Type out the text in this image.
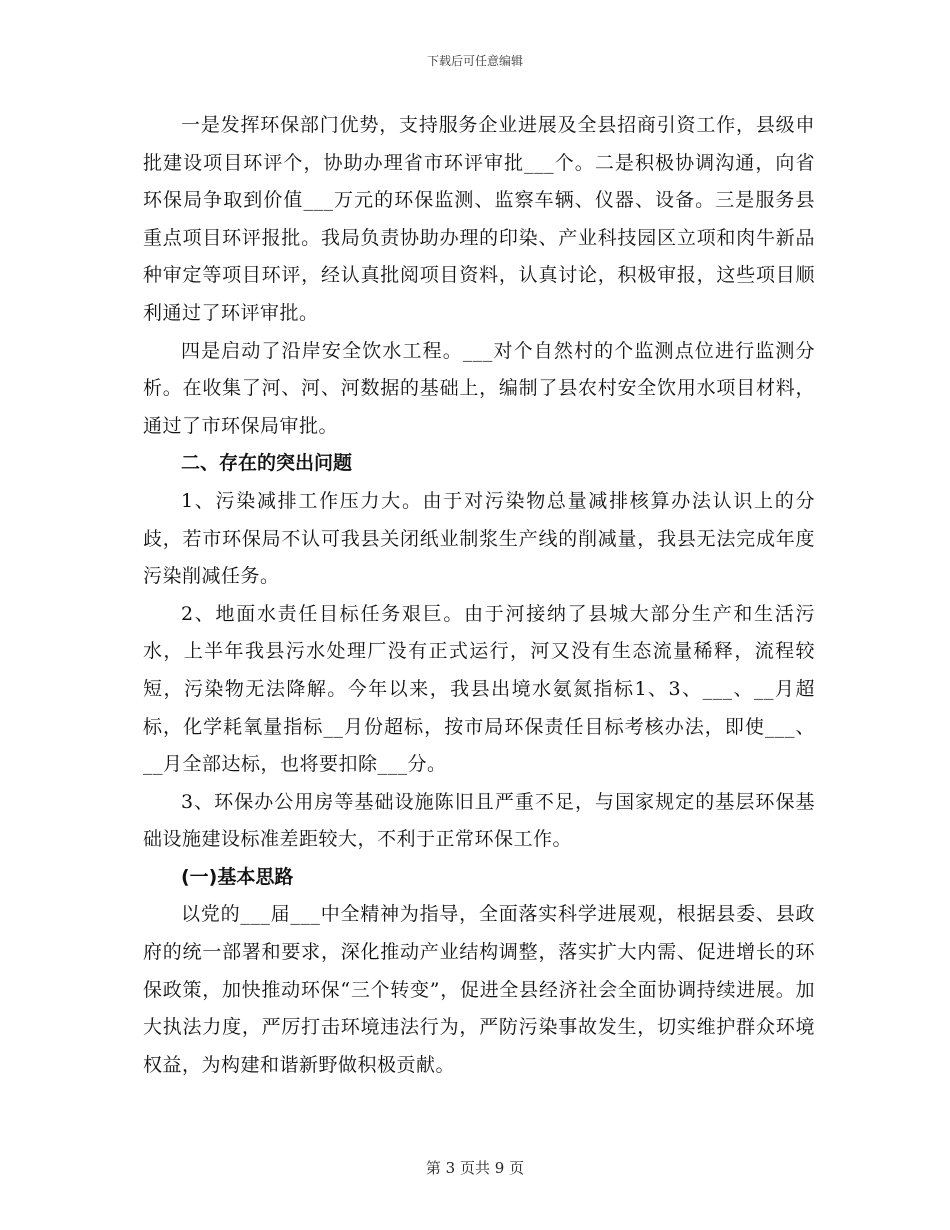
下载后可任意编辑

一是发挥环保部门优势，支持服务企业进展及全县招商引资工作，县级申批建设项目环评个，协助办理省市环评审批___个。二是积极协调沟通，向省环保局争取到价值___万元的环保监测、监察车辆、仪器、设备。三是服务县重点项目环评报批。我局负责协助办理的印染、产业科技园区立项和肉牛新品种审定等项目环评，经认真批阅项目资料，认真讨论，积极审报，这些项目顺利通过了环评审批。

四是启动了沿岸安全饮水工程。___对个自然村的个监测点位进行监测分析。在收集了河、河、河数据的基础上，编制了县农村安全饮用水项目材料，通过了市环保局审批。

二、存在的突出问题

1、污染减排工作压力大。由于对污染物总量减排核算办法认识上的分歧，若市环保局不认可我县关闭纸业制浆生产线的削减量，我县无法完成年度污染削减任务。

2、地面水责任目标任务艰巨。由于河接纳了县城大部分生产和生活污水，上半年我县污水处理厂没有正式运行，河又没有生态流量稀释，流程较短，污染物无法降解。今年以来，我县出境水氨氮指标1、3、___、__月超标，化学耗氧量指标__月份超标，按市局环保责任目标考核办法，即使___、__月全部达标，也将要扣除___分。

3、环保办公用房等基础设施陈旧且严重不足，与国家规定的基层环保基础设施建设标准差距较大，不利于正常环保工作。

(一)基本思路

以党的___届___中全精神为指导，全面落实科学进展观，根据县委、县政府的统一部署和要求，深化推动产业结构调整，落实扩大内需、促进增长的环保政策，加快推动环保“三个转变”，促进全县经济社会全面协调持续进展。加大执法力度，严厉打击环境违法行为，严防污染事故发生，切实维护群众环境权益，为构建和谐新野做积极贡献。

第 3 页共 9 页
